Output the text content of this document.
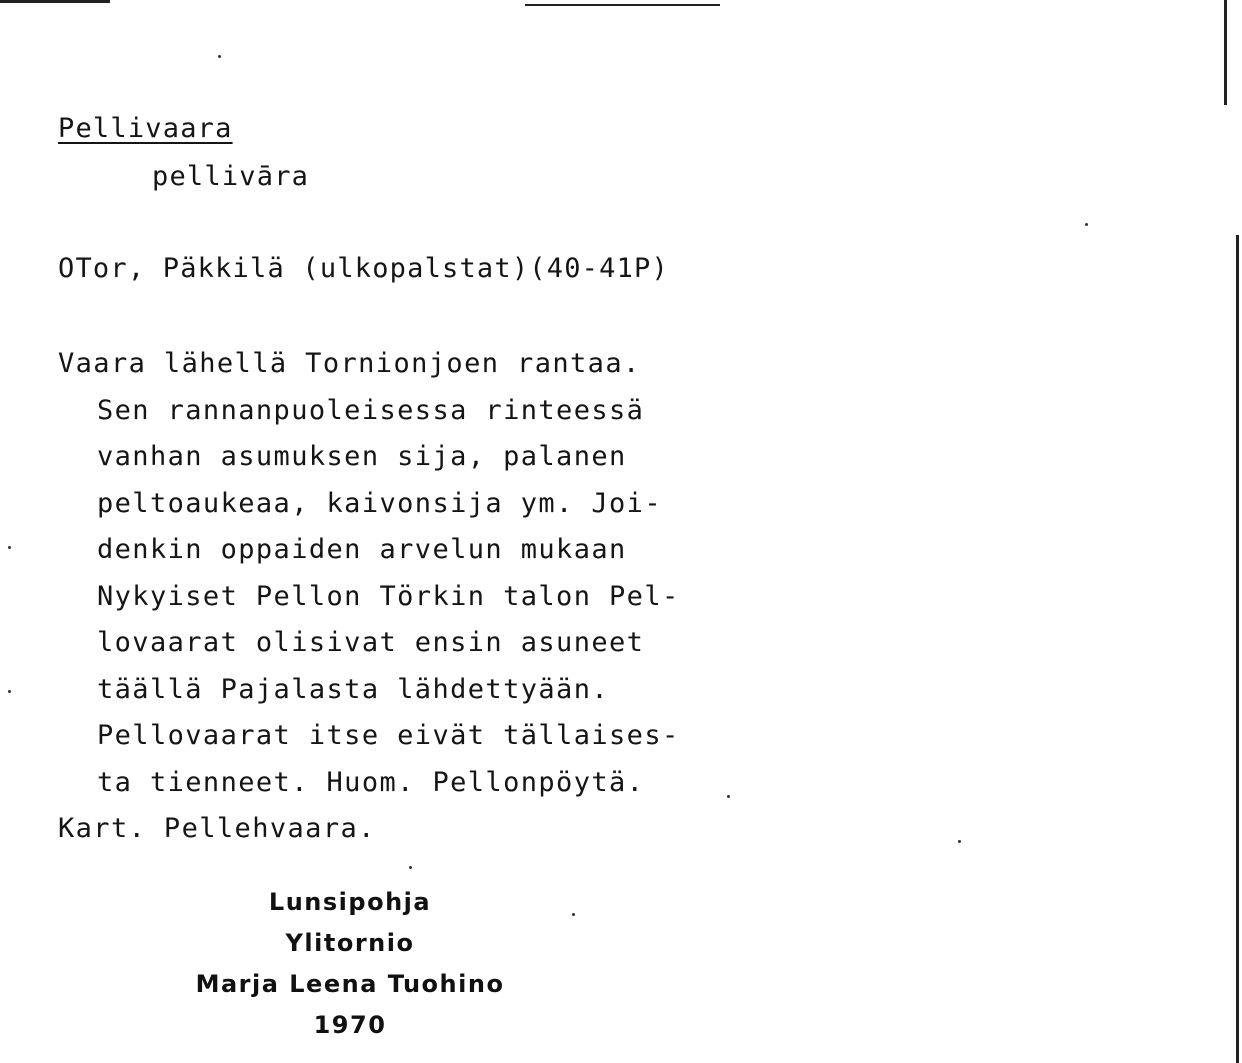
Pellivaara
pellivāra
OTor, Päkkilä (ulkopalstat)(40-41P)
Vaara lähellä Tornionjoen rantaa.
Sen rannanpuoleisessa rinteessä
vanhan asumuksen sija, palanen
peltoaukeaa, kaivonsija ym. Joi-
denkin oppaiden arvelun mukaan
Nykyiset Pellon Törkin talon Pel-
lovaarat olisivat ensin asuneet
täällä Pajalasta lähdettyään.
Pellovaarat itse eivät tällaises-
ta tienneet. Huom. Pellonpöytä.
Kart. Pellehvaara.
Lunsipohja
Ylitornio
Marja Leena Tuohino
1970
